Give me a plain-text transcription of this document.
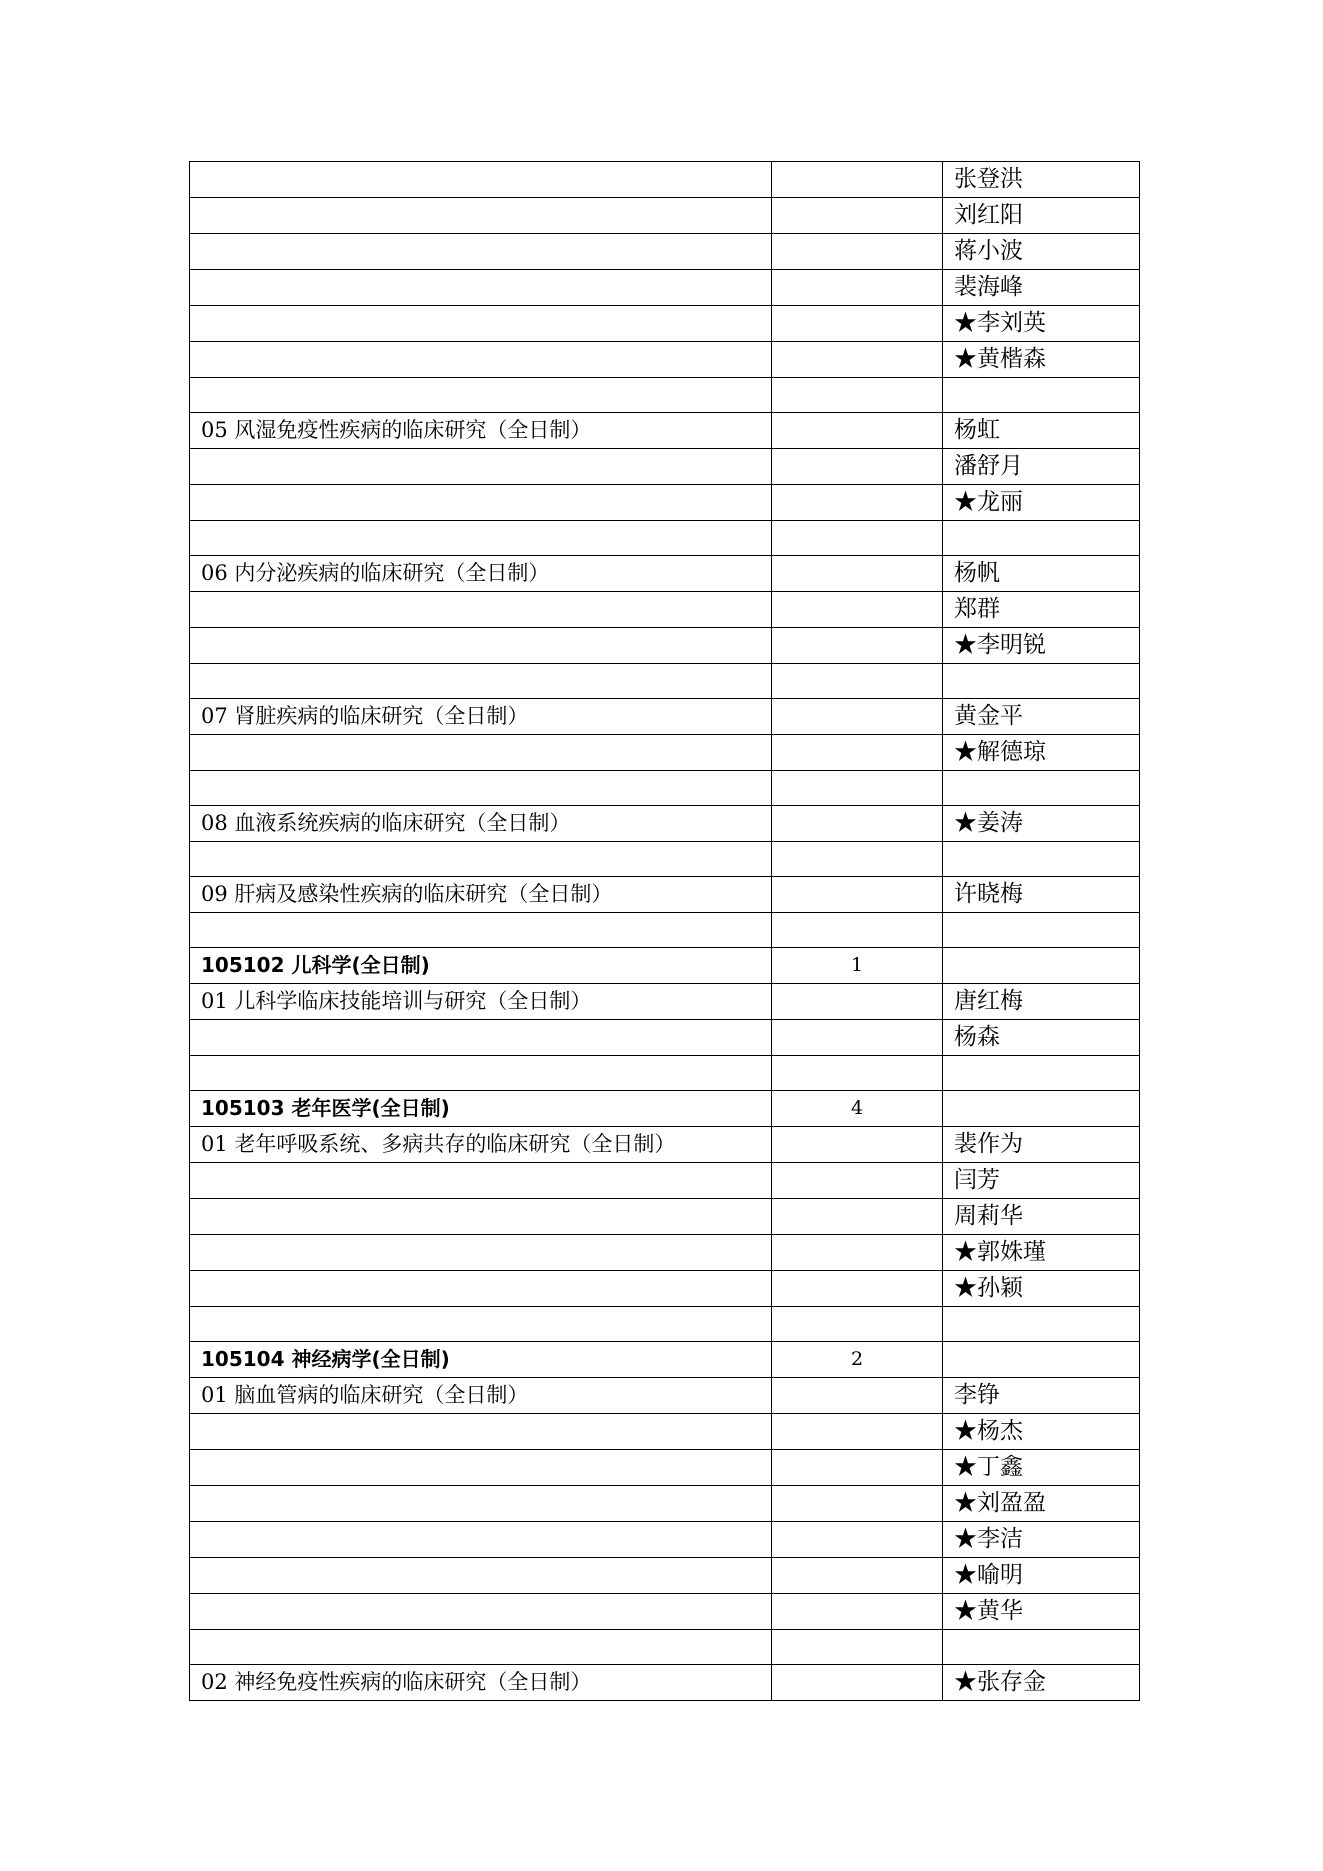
		张登洪
		刘红阳
		蒋小波
		裴海峰
		★李刘英
		★黄楷森

05 风湿免疫性疾病的临床研究（全日制）		杨虹
		潘舒月
		★龙丽

06 内分泌疾病的临床研究（全日制）		杨帆
		郑群
		★李明锐

07 肾脏疾病的临床研究（全日制）		黄金平
		★解德琼

08 血液系统疾病的临床研究（全日制）		★姜涛

09 肝病及感染性疾病的临床研究（全日制）		许晓梅

105102 儿科学(全日制)	1	
01 儿科学临床技能培训与研究（全日制）		唐红梅
		杨森

105103 老年医学(全日制)	4	
01 老年呼吸系统、多病共存的临床研究（全日制）		裴作为
		闫芳
		周莉华
		★郭姝瑾
		★孙颖

105104 神经病学(全日制)	2	
01 脑血管病的临床研究（全日制）		李铮
		★杨杰
		★丁鑫
		★刘盈盈
		★李洁
		★喻明
		★黄华

02 神经免疫性疾病的临床研究（全日制）		★张存金
